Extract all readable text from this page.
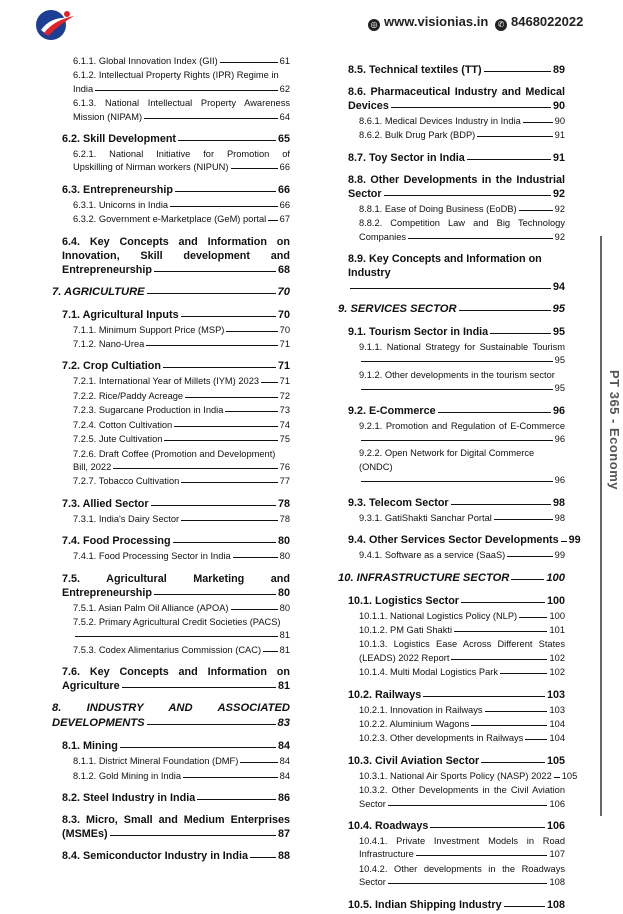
◎ www.visionias.in	✆ 8468022022
6.1.1. Global Innovation Index (GII)	61
6.1.2. Intellectual Property Rights (IPR) Regime in
India	62
6.1.3. National Intellectual Property Awareness
Mission (NIPAM)	64
6.2. Skill Development	65
6.2.1. National Initiative for Promotion of
Upskilling of Nirman workers (NIPUN)	66
6.3. Entrepreneurship	66
6.3.1. Unicorns in India	66
6.3.2. Government e-Marketplace (GeM) portal 67
6.4. Key Concepts and Information on Innovation, Skill development and
Entrepreneurship	68
7. AGRICULTURE	70
7.1. Agricultural Inputs	70
7.1.1. Minimum Support Price (MSP)	70
7.1.2. Nano-Urea	71
7.2. Crop Cultiation	71
7.2.1. International Year of Millets (IYM) 2023 71
7.2.2. Rice/Paddy Acreage	72
7.2.3. Sugarcane Production in India	73
7.2.4. Cotton Cultivation	74
7.2.5. Jute Cultivation	75
7.2.6. Draft Coffee (Promotion and Development)
Bill, 2022	76
7.2.7. Tobacco Cultivation	77
7.3. Allied Sector	78
7.3.1. India's Dairy Sector	78
7.4. Food Processing	80
7.4.1. Food Processing Sector in India	80
7.5. Agricultural Marketing and
Entrepreneurship	80
7.5.1. Asian Palm Oil Alliance (APOA)	80
7.5.2. Primary Agricultural Credit Societies (PACS)
81
7.5.3. Codex Alimentarius Commission (CAC) 81
7.6. Key Concepts and Information on
Agriculture	81
8. INDUSTRY AND ASSOCIATED
DEVELOPMENTS	83
8.1. Mining	84
8.1.1. District Mineral Foundation (DMF)	84
8.1.2. Gold Mining in India	84
8.2. Steel Industry in India	86
8.3. Micro, Small and Medium Enterprises
(MSMEs)	87
8.4. Semiconductor Industry in India	88
8.5. Technical textiles (TT)	89
8.6. Pharmaceutical Industry and Medical
Devices	90
8.6.1. Medical Devices Industry in India	90
8.6.2. Bulk Drug Park (BDP)	91
8.7. Toy Sector in India	91
8.8. Other Developments in the Industrial
Sector	92
8.8.1. Ease of Doing Business (EoDB)	92
8.8.2. Competition Law and Big Technology
Companies	92
8.9. Key Concepts and Information on Industry
94
9. SERVICES SECTOR	95
9.1. Tourism Sector in India	95
9.1.1. National Strategy for Sustainable Tourism
95
9.1.2. Other developments in the tourism sector
95
9.2. E-Commerce	96
9.2.1. Promotion and Regulation of E-Commerce
96
9.2.2. Open Network for Digital Commerce (ONDC)
96
9.3. Telecom Sector	98
9.3.1. GatiShakti Sanchar Portal	98
9.4. Other Services Sector Developments 99
9.4.1. Software as a service (SaaS)	99
10. INFRASTRUCTURE SECTOR	100
10.1. Logistics Sector	100
10.1.1. National Logistics Policy (NLP)	100
10.1.2. PM Gati Shakti	101
10.1.3. Logistics Ease Across Different States
(LEADS) 2022 Report	102
10.1.4. Multi Modal Logistics Park	102
10.2. Railways	103
10.2.1. Innovation in Railways	103
10.2.2. Aluminium Wagons	104
10.2.3. Other developments in Railways	104
10.3. Civil Aviation Sector	105
10.3.1. National Air Sports Policy (NASP) 2022 105
10.3.2. Other Developments in the Civil Aviation
Sector	106
10.4. Roadways	106
10.4.1. Private Investment Models in Road
Infrastructure	107
10.4.2. Other developments in the Roadways
Sector	108
10.5. Indian Shipping Industry	108
PT 365 - Economy
